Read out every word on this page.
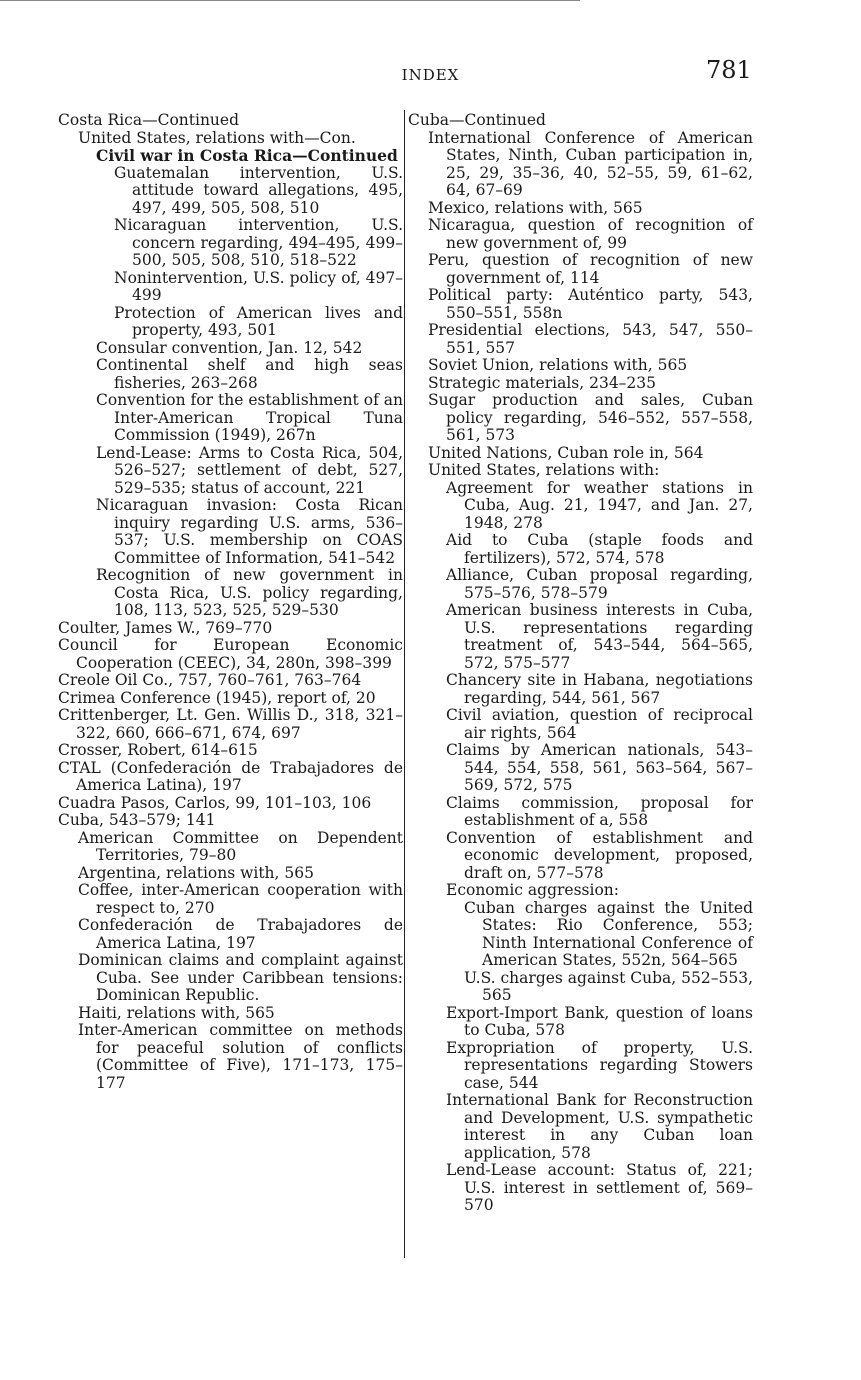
INDEX	781
Costa Rica—Continued
United States, relations with—Con.
Civil war in Costa Rica—Continued
Guatemalan intervention, U.S. attitude toward allegations, 495, 497, 499, 505, 508, 510
Nicaraguan intervention, U.S. concern regarding, 494–495, 499–500, 505, 508, 510, 518–522
Nonintervention, U.S. policy of, 497–499
Protection of American lives and property, 493, 501
Consular convention, Jan. 12, 542
Continental shelf and high seas fisheries, 263–268
Convention for the establishment of an Inter-American Tropical Tuna Commission (1949), 267n
Lend-Lease: Arms to Costa Rica, 504, 526–527; settlement of debt, 527, 529–535; status of account, 221
Nicaraguan invasion: Costa Rican inquiry regarding U.S. arms, 536–537; U.S. membership on COAS Committee of Information, 541–542
Recognition of new government in Costa Rica, U.S. policy regarding, 108, 113, 523, 525, 529–530
Coulter, James W., 769–770
Council for European Economic Cooperation (CEEC), 34, 280n, 398–399
Creole Oil Co., 757, 760–761, 763–764
Crimea Conference (1945), report of, 20
Crittenberger, Lt. Gen. Willis D., 318, 321–322, 660, 666–671, 674, 697
Crosser, Robert, 614–615
CTAL (Confederación de Trabajadores de America Latina), 197
Cuadra Pasos, Carlos, 99, 101–103, 106
Cuba, 543–579; 141
American Committee on Dependent Territories, 79–80
Argentina, relations with, 565
Coffee, inter-American cooperation with respect to, 270
Confederación de Trabajadores de America Latina, 197
Dominican claims and complaint against Cuba. See under Caribbean tensions: Dominican Republic.
Haiti, relations with, 565
Inter-American committee on methods for peaceful solution of conflicts (Committee of Five), 171–173, 175–177
Cuba—Continued
International Conference of American States, Ninth, Cuban participation in, 25, 29, 35–36, 40, 52–55, 59, 61–62, 64, 67–69
Mexico, relations with, 565
Nicaragua, question of recognition of new government of, 99
Peru, question of recognition of new government of, 114
Political party: Auténtico party, 543, 550–551, 558n
Presidential elections, 543, 547, 550–551, 557
Soviet Union, relations with, 565
Strategic materials, 234–235
Sugar production and sales, Cuban policy regarding, 546–552, 557–558, 561, 573
United Nations, Cuban role in, 564
United States, relations with:
Agreement for weather stations in Cuba, Aug. 21, 1947, and Jan. 27, 1948, 278
Aid to Cuba (staple foods and fertilizers), 572, 574, 578
Alliance, Cuban proposal regarding, 575–576, 578–579
American business interests in Cuba, U.S. representations regarding treatment of, 543–544, 564–565, 572, 575–577
Chancery site in Habana, negotiations regarding, 544, 561, 567
Civil aviation, question of reciprocal air rights, 564
Claims by American nationals, 543–544, 554, 558, 561, 563–564, 567–569, 572, 575
Claims commission, proposal for establishment of a, 558
Convention of establishment and economic development, proposed, draft on, 577–578
Economic aggression:
Cuban charges against the United States: Rio Conference, 553; Ninth International Conference of American States, 552n, 564–565
U.S. charges against Cuba, 552–553, 565
Export-Import Bank, question of loans to Cuba, 578
Expropriation of property, U.S. representations regarding Stowers case, 544
International Bank for Reconstruction and Development, U.S. sympathetic interest in any Cuban loan application, 578
Lend-Lease account: Status of, 221; U.S. interest in settlement of, 569–570
